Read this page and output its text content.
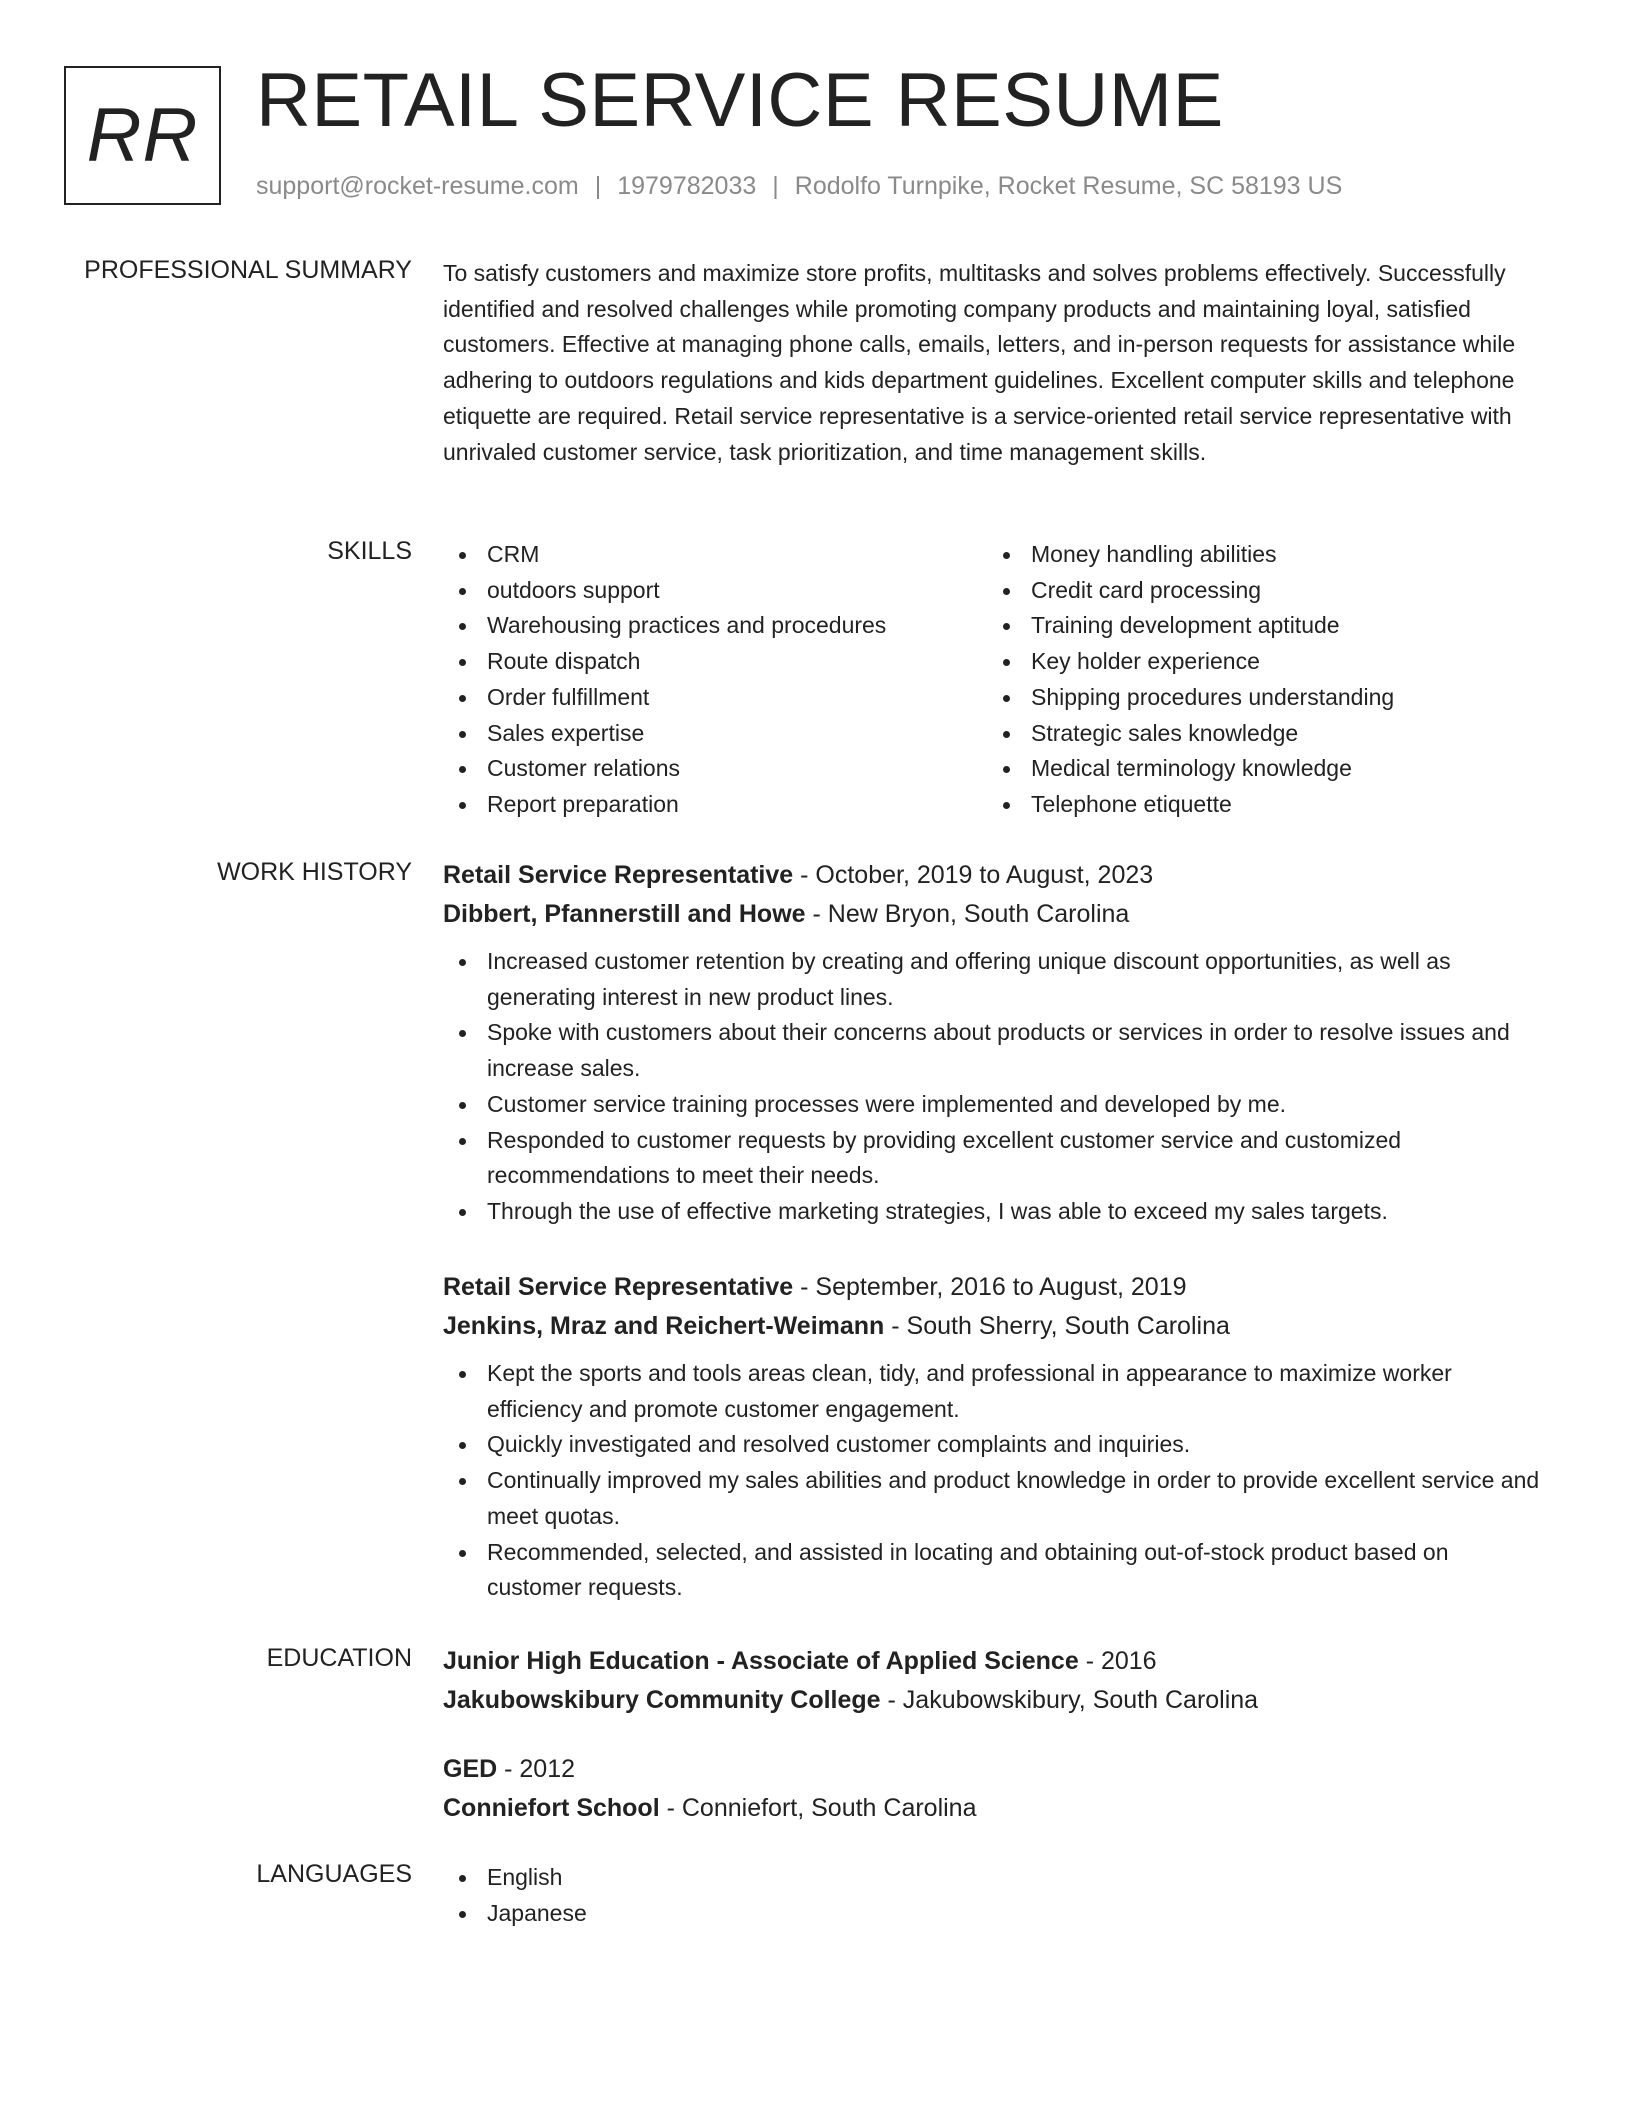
RR RETAIL SERVICE RESUME
support@rocket-resume.com | 1979782033 | Rodolfo Turnpike, Rocket Resume, SC 58193 US
PROFESSIONAL SUMMARY To satisfy customers and maximize store profits, multitasks and solves problems effectively. Successfully identified and resolved challenges while promoting company products and maintaining loyal, satisfied customers. Effective at managing phone calls, emails, letters, and in-person requests for assistance while adhering to outdoors regulations and kids department guidelines. Excellent computer skills and telephone etiquette are required. Retail service representative is a service-oriented retail service representative with unrivaled customer service, task prioritization, and time management skills.

SKILLS	CRM
outdoors support
Warehousing practices and procedures
Route dispatch
Order fulfillment
Sales expertise
Customer relations
Report preparation
Money handling abilities
Credit card processing
Training development aptitude
Key holder experience
Shipping procedures understanding
Strategic sales knowledge
Medical terminology knowledge
Telephone etiquette
WORK HISTORY Retail Service Representative - October, 2019 to August, 2023
Dibbert, Pfannerstill and Howe - New Bryon, South Carolina
Increased customer retention by creating and offering unique discount opportunities, as well as generating interest in new product lines.
Spoke with customers about their concerns about products or services in order to resolve issues and increase sales.
Customer service training processes were implemented and developed by me.
Responded to customer requests by providing excellent customer service and customized recommendations to meet their needs.
Through the use of effective marketing strategies, I was able to exceed my sales targets.
Retail Service Representative - September, 2016 to August, 2019
Jenkins, Mraz and Reichert-Weimann - South Sherry, South Carolina
Kept the sports and tools areas clean, tidy, and professional in appearance to maximize worker efficiency and promote customer engagement.
Quickly investigated and resolved customer complaints and inquiries.
Continually improved my sales abilities and product knowledge in order to provide excellent service and meet quotas.
Recommended, selected, and assisted in locating and obtaining out-of-stock product based on customer requests.
EDUCATION Junior High Education - Associate of Applied Science - 2016
Jakubowskibury Community College - Jakubowskibury, South Carolina
GED - 2012
Conniefort School - Conniefort, South Carolina
LANGUAGES	English
Japanese
